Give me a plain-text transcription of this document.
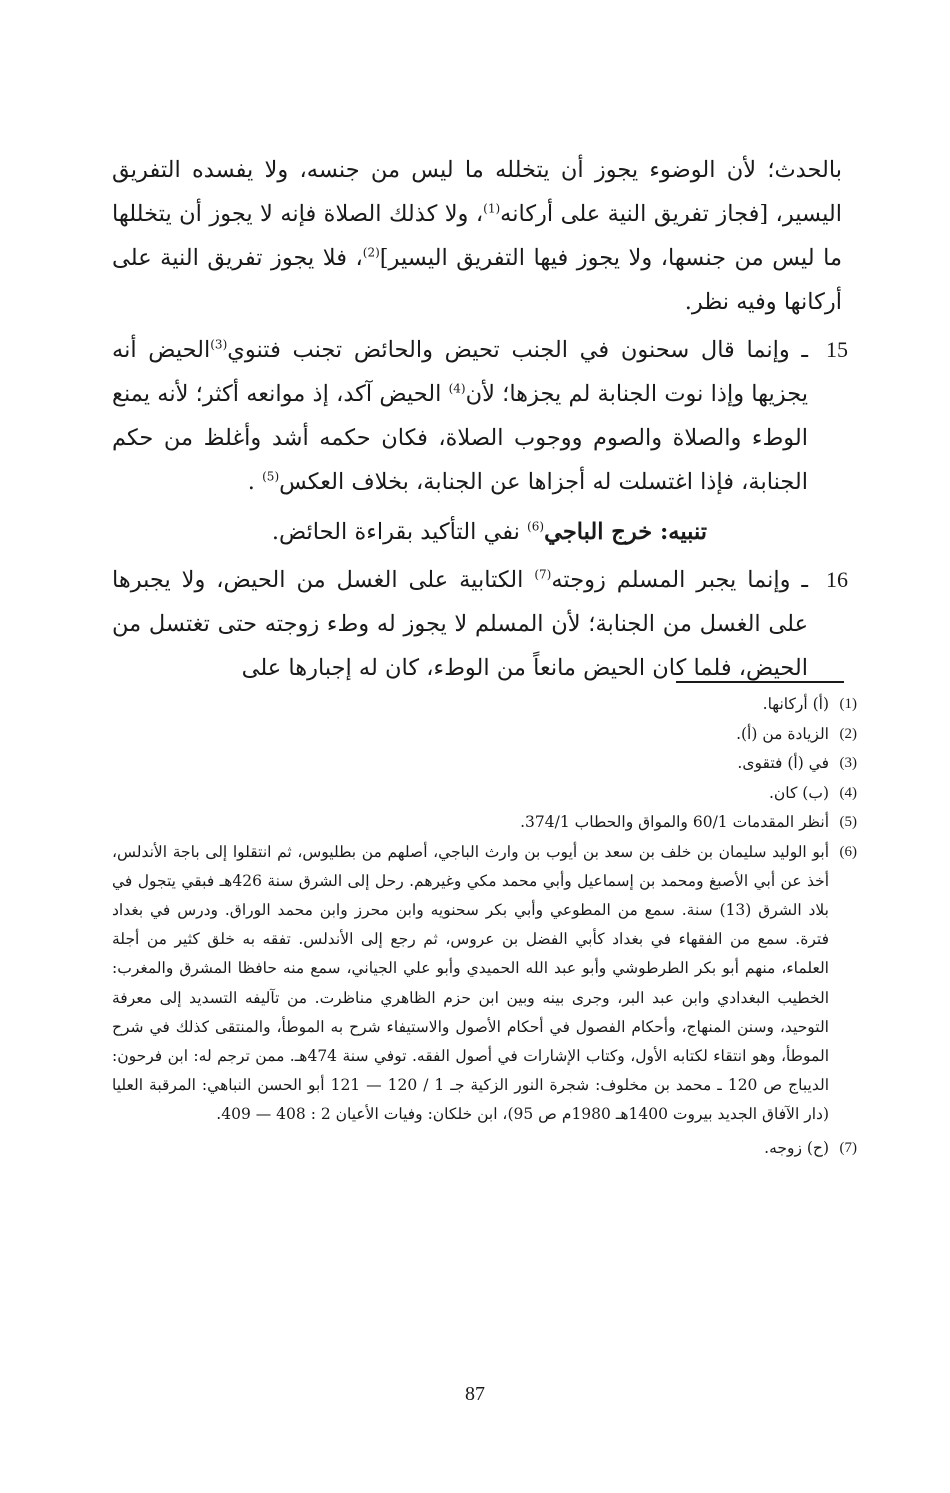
بالحدث؛ لأن الوضوء يجوز أن يتخلله ما ليس من جنسه، ولا يفسده التفريق اليسير، [فجاز تفريق النية على أركانه$^{(1)}$، ولا كذلك الصلاة فإنه لا يجوز أن يتخللها ما ليس من جنسها، ولا يجوز فيها التفريق اليسير]$^{(2)}$، فلا يجوز تفريق النية على أركانها وفيه نظر.

15
ـ وإنما قال سحنون في الجنب تحيض والحائض تجنب فتنوي$^{(3)}$الحيض أنه يجزيها وإذا نوت الجنابة لم يجزها؛ لأن$^{(4)}$ الحيض آكد، إذ موانعه أكثر؛ لأنه يمنع الوطء والصلاة والصوم ووجوب الصلاة، فكان حكمه أشد وأغلظ من حكم الجنابة، فإذا اغتسلت له أجزاها عن الجنابة، بخلاف العكس$^{(5)}$ .

تنبيه: خرج الباجي$^{(6)}$ نفي التأكيد بقراءة الحائض.

16
ـ وإنما يجبر المسلم زوجته$^{(7)}$ الكتابية على الغسل من الحيض، ولا يجبرها على الغسل من الجنابة؛ لأن المسلم لا يجوز له وطء زوجته حتى تغتسل من الحيض، فلما كان الحيض مانعاً من الوطء، كان له إجبارها على

(1)
(أ) أركانها.
(2)
الزيادة من (أ).
(3)
في (أ) فتقوى.
(4)
(ب) كان.
(5)
أنظر المقدمات 60/1 والمواق والحطاب 374/1.
(6)
أبو الوليد سليمان بن خلف بن سعد بن أيوب بن وارث الباجي، أصلهم من بطليوس، ثم انتقلوا إلى باجة الأندلس، أخذ عن أبي الأصبغ ومحمد بن إسماعيل وأبي محمد مكي وغيرهم. رحل إلى الشرق سنة 426هـ فبقي يتجول في بلاد الشرق (13) سنة. سمع من المطوعي وأبي بكر سحنويه وابن محرز وابن محمد الوراق. ودرس في بغداد فترة. سمع من الفقهاء في بغداد كأبي الفضل بن عروس، ثم رجع إلى الأندلس. تفقه به خلق كثير من أجلة العلماء، منهم أبو بكر الطرطوشي وأبو عبد الله الحميدي وأبو علي الجياني، سمع منه حافظا المشرق والمغرب: الخطيب البغدادي وابن عبد البر، وجرى بينه وبين ابن حزم الظاهري مناظرت. من تآليفه التسديد إلى معرفة التوحيد، وسنن المنهاج، وأحكام الفصول في أحكام الأصول والاستيفاء شرح به الموطأ، والمنتقى كذلك في شرح الموطأ، وهو انتقاء لكتابه الأول، وكتاب الإشارات في أصول الفقه. توفي سنة 474هـ. ممن ترجم له: ابن فرحون: الديباج ص 120 ـ محمد بن مخلوف: شجرة النور الزكية جـ 1 / 120 — 121 أبو الحسن النباهي: المرقبة العليا (دار الآفاق الجديد بيروت 1400هـ 1980م ص 95)، ابن خلكان: وفيات الأعيان 2 : 408 — 409.
(7)
(ح) زوجه.
87
